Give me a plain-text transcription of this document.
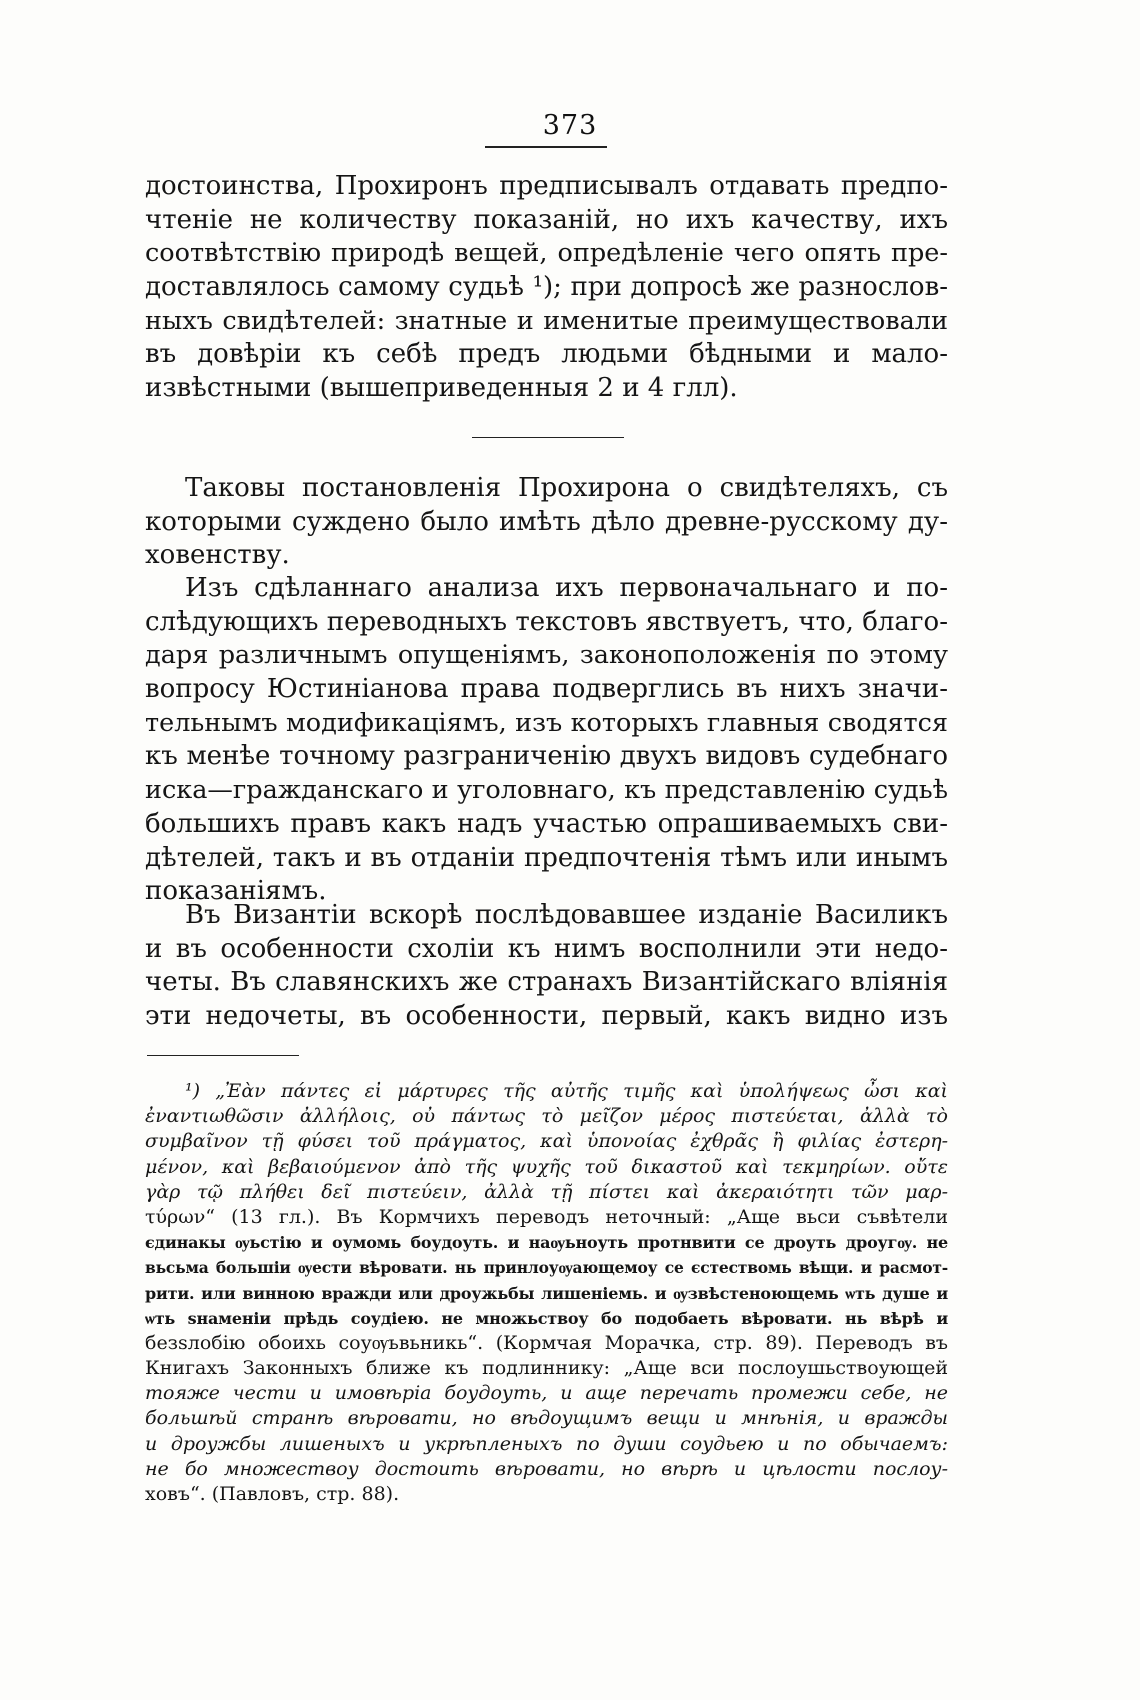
373
достоинства, Прохиронъ предписывалъ отдавать предпо-
чтеніе не количеству показаній, но ихъ качеству, ихъ
соотвѣтствію природѣ вещей, опредѣленіе чего опять пре-
доставлялось самому судьѣ ¹); при допросѣ же разнослов-
ныхъ свидѣтелей: знатные и именитые преимуществовали
въ довѣріи къ себѣ предъ людьми бѣдными и мало-
извѣстными (вышеприведенныя 2 и 4 глл).
Таковы постановленія Прохирона о свидѣтеляхъ, съ
которыми суждено было имѣть дѣло древне-русскому ду-
ховенству.
Изъ сдѣланнаго анализа ихъ первоначальнаго и по-
слѣдующихъ переводныхъ текстовъ явствуетъ, что, благо-
даря различнымъ опущеніямъ, законоположенія по этому
вопросу Юстиніанова права подверглись въ нихъ значи-
тельнымъ модификаціямъ, изъ которыхъ главныя сводятся
къ менѣе точному разграниченію двухъ видовъ судебнаго
иска—гражданскаго и уголовнаго, къ представленію судьѣ
большихъ правъ какъ надъ участью опрашиваемыхъ сви-
дѣтелей, такъ и въ отданіи предпочтенія тѣмъ или инымъ
показаніямъ.
Въ Византіи вскорѣ послѣдовавшее изданіе Василикъ
и въ особенности схоліи къ нимъ восполнили эти недо-
четы. Въ славянскихъ же странахъ Византійскаго вліянія
эти недочеты, въ особенности, первый, какъ видно изъ
¹) „Ἐὰν πάντες εἰ μάρτυρες τῆς αὐτῆς τιμῆς καὶ ὑπολήψεως ὦσι καὶ
ἐναντιωθῶσιν ἀλλήλοις, οὐ πάντως τὸ μεῖζον μέρος πιστεύεται, ἀλλὰ τὸ
συμβαῖνον τῇ φύσει τοῦ πράγματος, καὶ ὑπονοίας ἐχθρᾶς ἢ φιλίας ἐστερη-
μένον, καὶ βεβαιούμενον ἀπὸ τῆς ψυχῆς τοῦ δικαστοῦ καὶ τεκμηρίων. οὔτε
γὰρ τῷ πλήθει δεῖ πιστεύειν, ἀλλὰ τῇ πίστει καὶ ἀκεραιότητι τῶν μαρ-
τύρων“ (13 гл.). Въ Кормчихъ переводъ неточный: „Аще вьси съвѣтели
єдинакы ѹьстію и оумомь боудоуть. и наѹьноуть протнвити се дроуть дроугѹ. не
вьсьма большіи ѹести вѣровати. нь принлоуѹающемоу се єстествомь вѣщи. и расмот-
рити. или винною вражди или дроужьбы лишеніемь. и ѹзвѣстеноющемь ѡть душе и
ѡть ѕнаменіи прѣдь соудіею. не множьствоу бо подобаеть вѣровати. нь вѣрѣ и
безѕлобію обоихь соуѹьвьникь“. (Кормчая Морачка, стр. 89). Переводъ въ
Книгахъ Законныхъ ближе къ подлиннику: „Аще вси послоушьствоующей
тояже чести и имовѣріа боудоуть, и аще перечать промежи себе, не
большѣй странѣ вѣровати, но вѣдоущимъ вещи и мнѣнія, и вражды
и дроужбы лишеныхъ и укрѣпленыхъ по души соудьею и по обычаемъ:
не бо множествоу достоить вѣровати, но вѣрѣ и цѣлости послоу-
ховъ“. (Павловъ, стр. 88).
